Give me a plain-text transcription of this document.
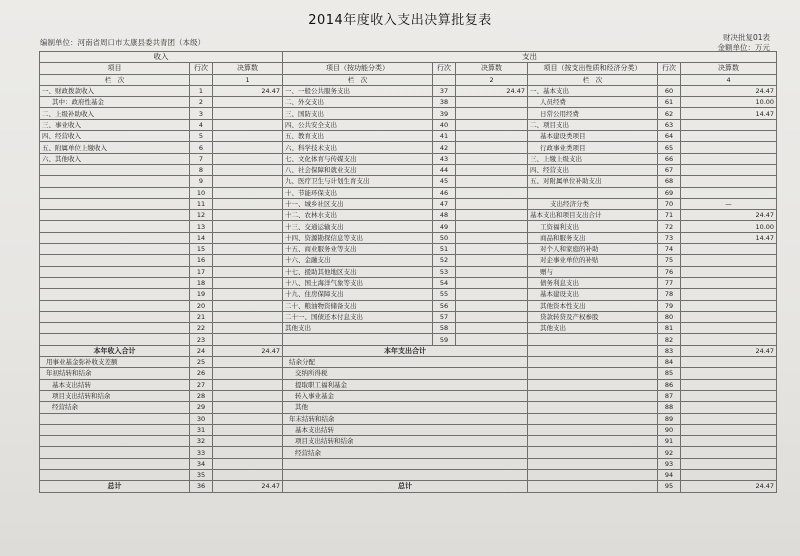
2014年度收入支出决算批复表
编制单位：河南省周口市太康县委共青团（本级）
财决批复01表
金额单位：万元
收入			支出					
项目	行次	决算数	项目（按功能分类）	行次	决算数	项目（按支出性质和经济分类）	行次	决算数
栏　次		1	栏　次		2	栏　次		4
一、财政拨款收入	1	24.47	一、一般公共服务支出	37	24.47	一、基本支出	60	24.47
其中：政府性基金	2		二、外交支出	38		人员经费	61	10.00
二、上级补助收入	3		三、国防支出	39		日常公用经费	62	14.47
三、事业收入	4		四、公共安全支出	40		二、项目支出	63	
四、经营收入	5		五、教育支出	41		基本建设类项目	64	
五、附属单位上缴收入	6		六、科学技术支出	42		行政事业类项目	65	
六、其他收入	7		七、文化体育与传媒支出	43		三、上缴上级支出	66	
	8		八、社会保障和就业支出	44		四、经营支出	67	
	9		九、医疗卫生与计划生育支出	45		五、对附属单位补助支出	68	
	10		十、节能环保支出	46			69	
	11		十一、城乡社区支出	47		支出经济分类	70	—
	12		十二、农林水支出	48		基本支出和项目支出合计	71	24.47
	13		十三、交通运输支出	49		工资福利支出	72	10.00
	14		十四、资源勘探信息等支出	50		商品和服务支出	73	14.47
	15		十五、商业服务业等支出	51		对个人和家庭的补助	74	
	16		十六、金融支出	52		对企事业单位的补贴	75	
	17		十七、援助其他地区支出	53		赠与	76	
	18		十八、国土海洋气象等支出	54		债务利息支出	77	
	19		十九、住房保障支出	55		基本建设支出	78	
	20		二十、粮油物资储备支出	56		其他资本性支出	79	
	21		二十一、国债还本付息支出	57		贷款转贷及产权参股	80	
	22		其他支出	58		其他支出	81	
	23			59			82	
本年收入合计	24	24.47	本年支出合计				83	24.47
用事业基金弥补收支差额	25		结余分配				84	
年初结转和结余	26		交纳所得税				85	
基本支出结转	27		提取职工福利基金				86	
项目支出结转和结余	28		转入事业基金				87	
经营结余	29		其他				88	
	30		年末结转和结余				89	
	31		基本支出结转				90	
	32		项目支出结转和结余				91	
	33		经营结余				92	
	34						93	
	35						94	
总计	36	24.47	总计				95	24.47
